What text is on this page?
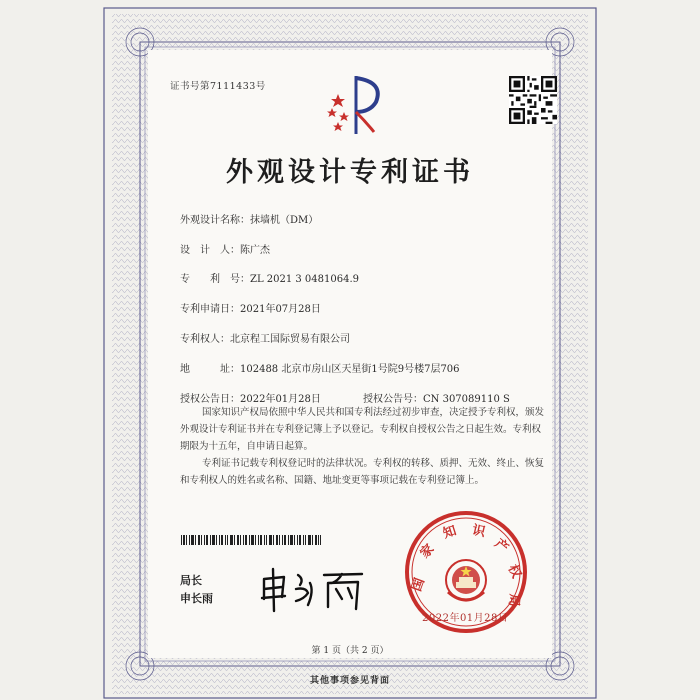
证书号第7111433号
外观设计专利证书
外观设计名称：抹墙机（DM）
设　计　人：陈广杰
专　　利　号：ZL 2021 3 0481064.9
专利申请日：2021年07月28日
专利权人：北京程工国际贸易有限公司
地　　　址：102488 北京市房山区天星街1号院9号楼7层706
授权公告日：2022年01月28日	授权公告号：CN 307089110 S
国家知识产权局依照中华人民共和国专利法经过初步审查，决定授予专利权，颁发外观设计专利证书并在专利登记簿上予以登记。专利权自授权公告之日起生效。专利权期限为十五年，自申请日起算。
专利证书记载专利权登记时的法律状况。专利权的转移、质押、无效、终止、恢复和专利权人的姓名或名称、国籍、地址变更等事项记载在专利登记簿上。
局长
申长雨
国
家
知 识
产
权
局
2022年01月28日
第 1 页（共 2 页）
其他事项参见背面
